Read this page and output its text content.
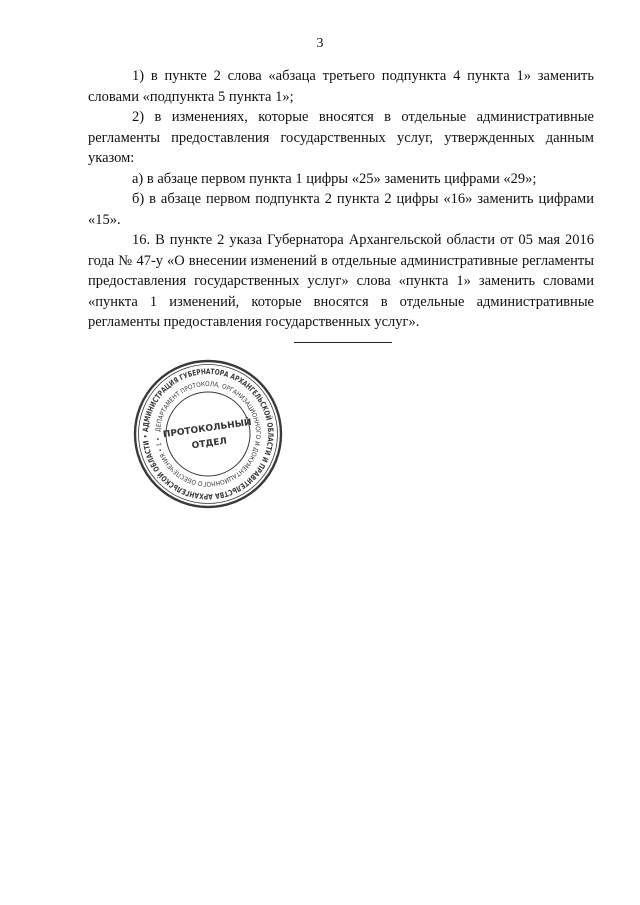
3

1) в пункте 2 слова «абзаца третьего подпункта 4 пункта 1» заменить словами «подпункта 5 пункта 1»;

2) в изменениях, которые вносятся в отдельные административные регламенты предоставления государственных услуг, утвержденных данным указом:

а) в абзаце первом пункта 1 цифры «25» заменить цифрами «29»;

б) в абзаце первом подпункта 2 пункта 2 цифры «16» заменить цифрами «15».

16. В пункте 2 указа Губернатора Архангельской области от 05 мая 2016 года № 47-у «О внесении изменений в отдельные административные регламенты предоставления государственных услуг» слова «пункта 1» заменить словами «пункта 1 изменений, которые вносятся в отдельные административные регламенты предоставления государственных услуг».

АДМИНИСТРАЦИЯ ГУБЕРНАТОРА АРХАНГЕЛЬСКОЙ ОБЛАСТИ И ПРАВИТЕЛЬСТВА АРХАНГЕЛЬСКОЙ ОБЛАСТИ •
ДЕПАРТАМЕНТ ПРОТОКОЛА, ОРГАНИЗАЦИОННОГО И ДОКУМЕНТАЦИОННОГО ОБЕСПЕЧЕНИЯ • 1 • ПРОТОКОЛЬНЫЙ
ОТДЕЛ
